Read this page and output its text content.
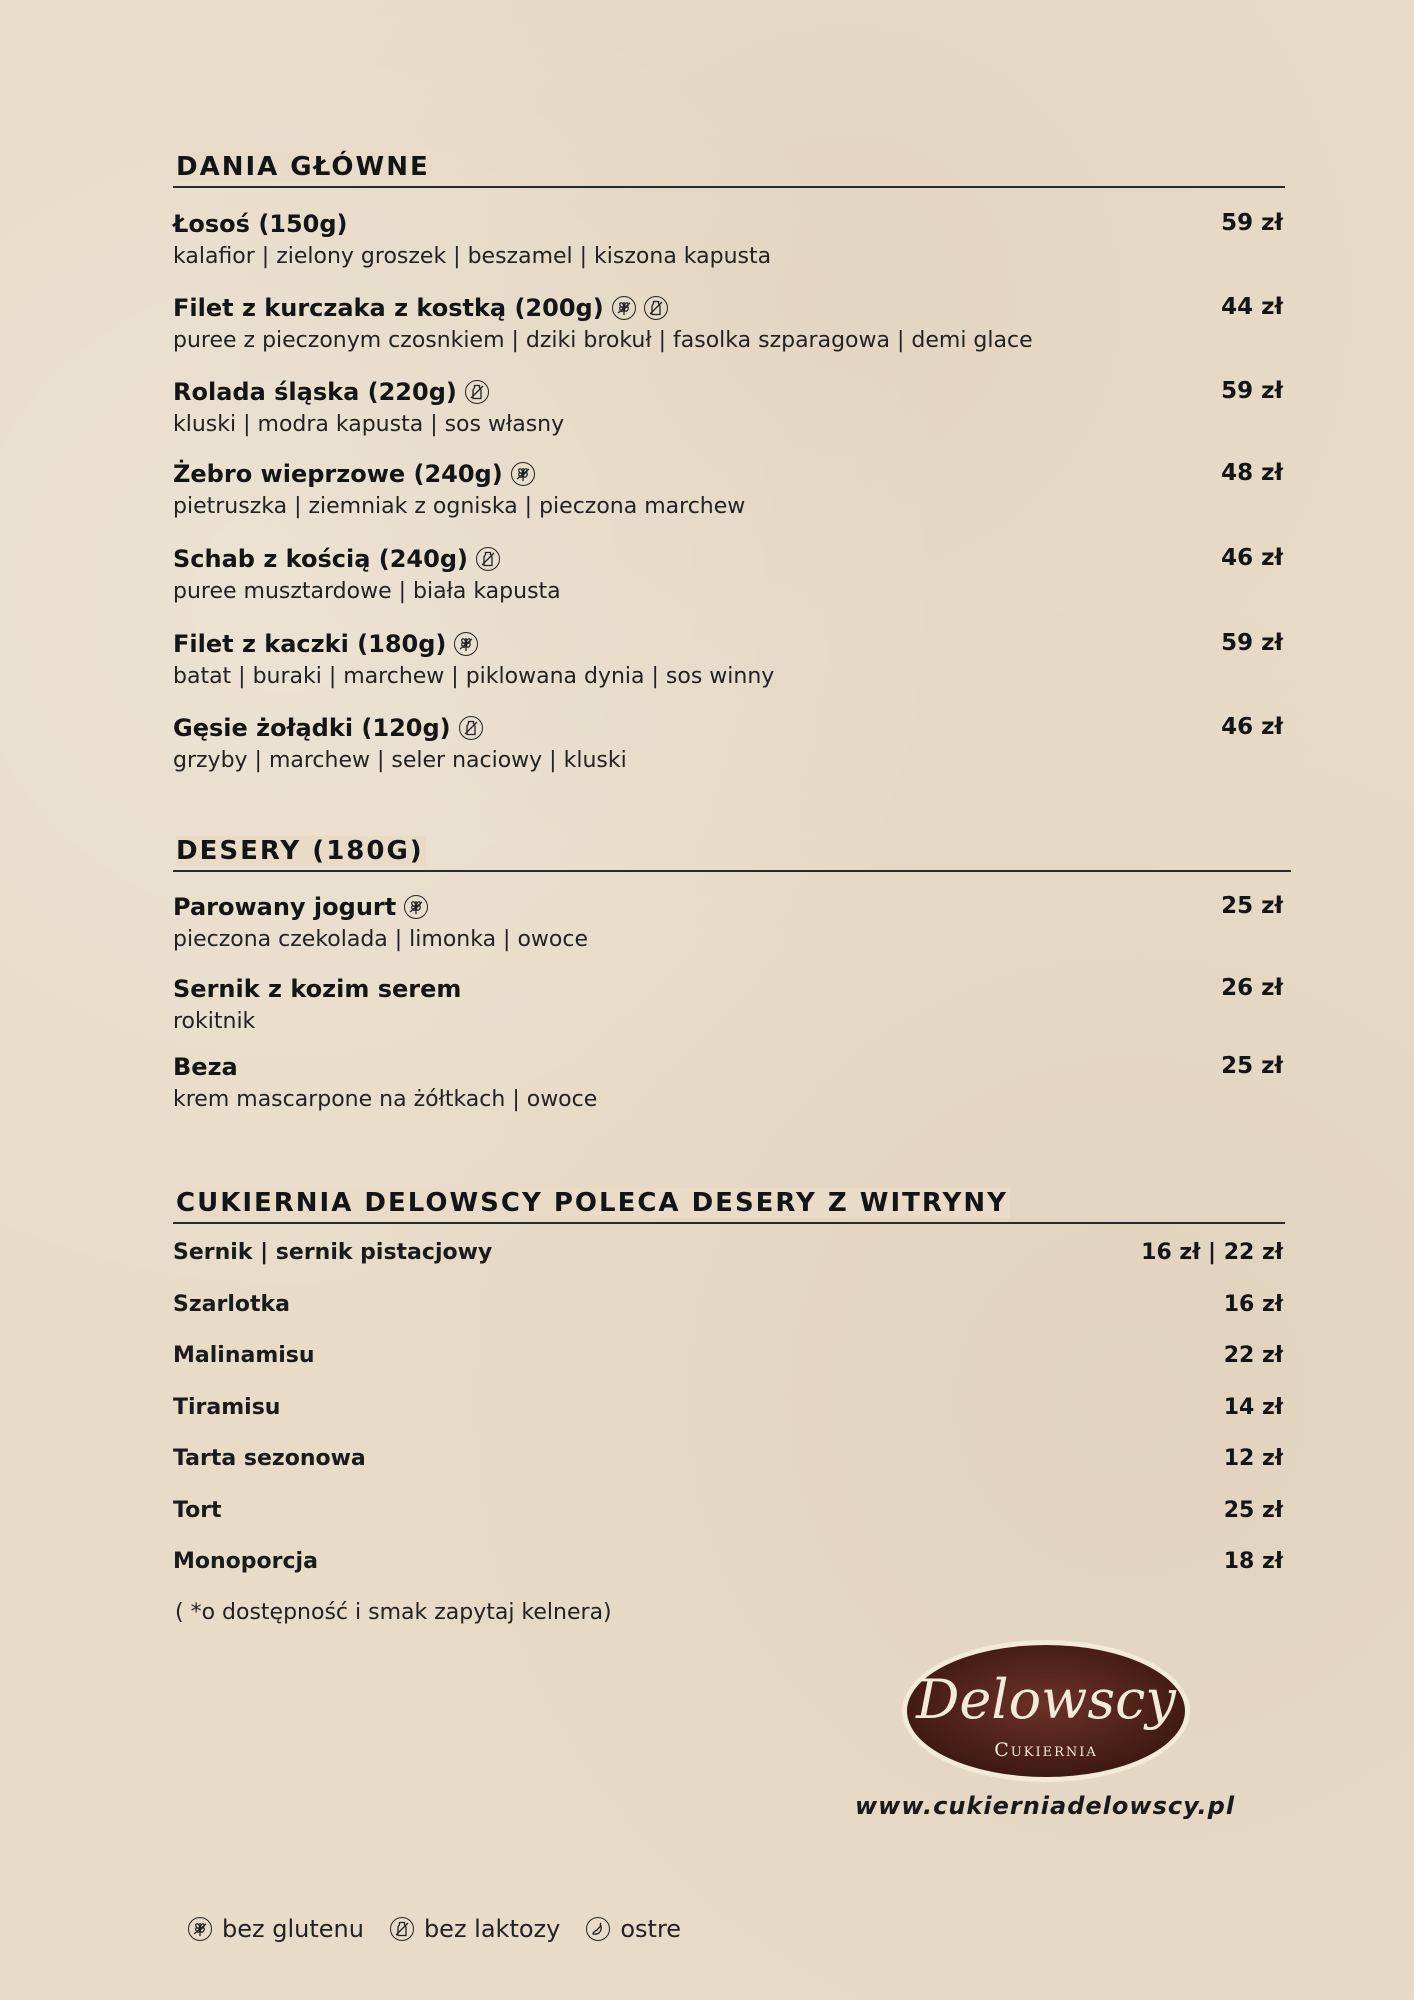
DANIA GŁÓWNE
Łosoś (150g)
kalafior | zielony groszek | beszamel | kiszona kapusta
59 zł
Filet z kurczaka z kostką (200g)
puree z pieczonym czosnkiem | dziki brokuł | fasolka szparagowa | demi glace
44 zł
Rolada śląska (220g)
kluski | modra kapusta | sos własny
59 zł
Żebro wieprzowe (240g)
pietruszka | ziemniak z ogniska | pieczona marchew
48 zł
Schab z kością (240g)
puree musztardowe | biała kapusta
46 zł
Filet z kaczki (180g)
batat | buraki | marchew | piklowana dynia | sos winny
59 zł
Gęsie żołądki (120g)
grzyby | marchew | seler naciowy | kluski
46 zł
DESERY (180G)
Parowany jogurt
pieczona czekolada | limonka | owoce
25 zł
Sernik z kozim serem
rokitnik
26 zł
Beza
krem mascarpone na żółtkach | owoce
25 zł
CUKIERNIA DELOWSCY POLECA DESERY Z WITRYNY
Sernik | sernik pistacjowy	16 zł | 22 zł
Szarlotka	16 zł
Malinamisu	22 zł
Tiramisu	14 zł
Tarta sezonowa	12 zł
Tort	25 zł
Monoporcja	18 zł
( *o dostępność i smak zapytaj kelnera)
Delowscy
Cukiernia
www.cukierniadelowscy.pl
bez glutenu	bez laktozy	ostre
